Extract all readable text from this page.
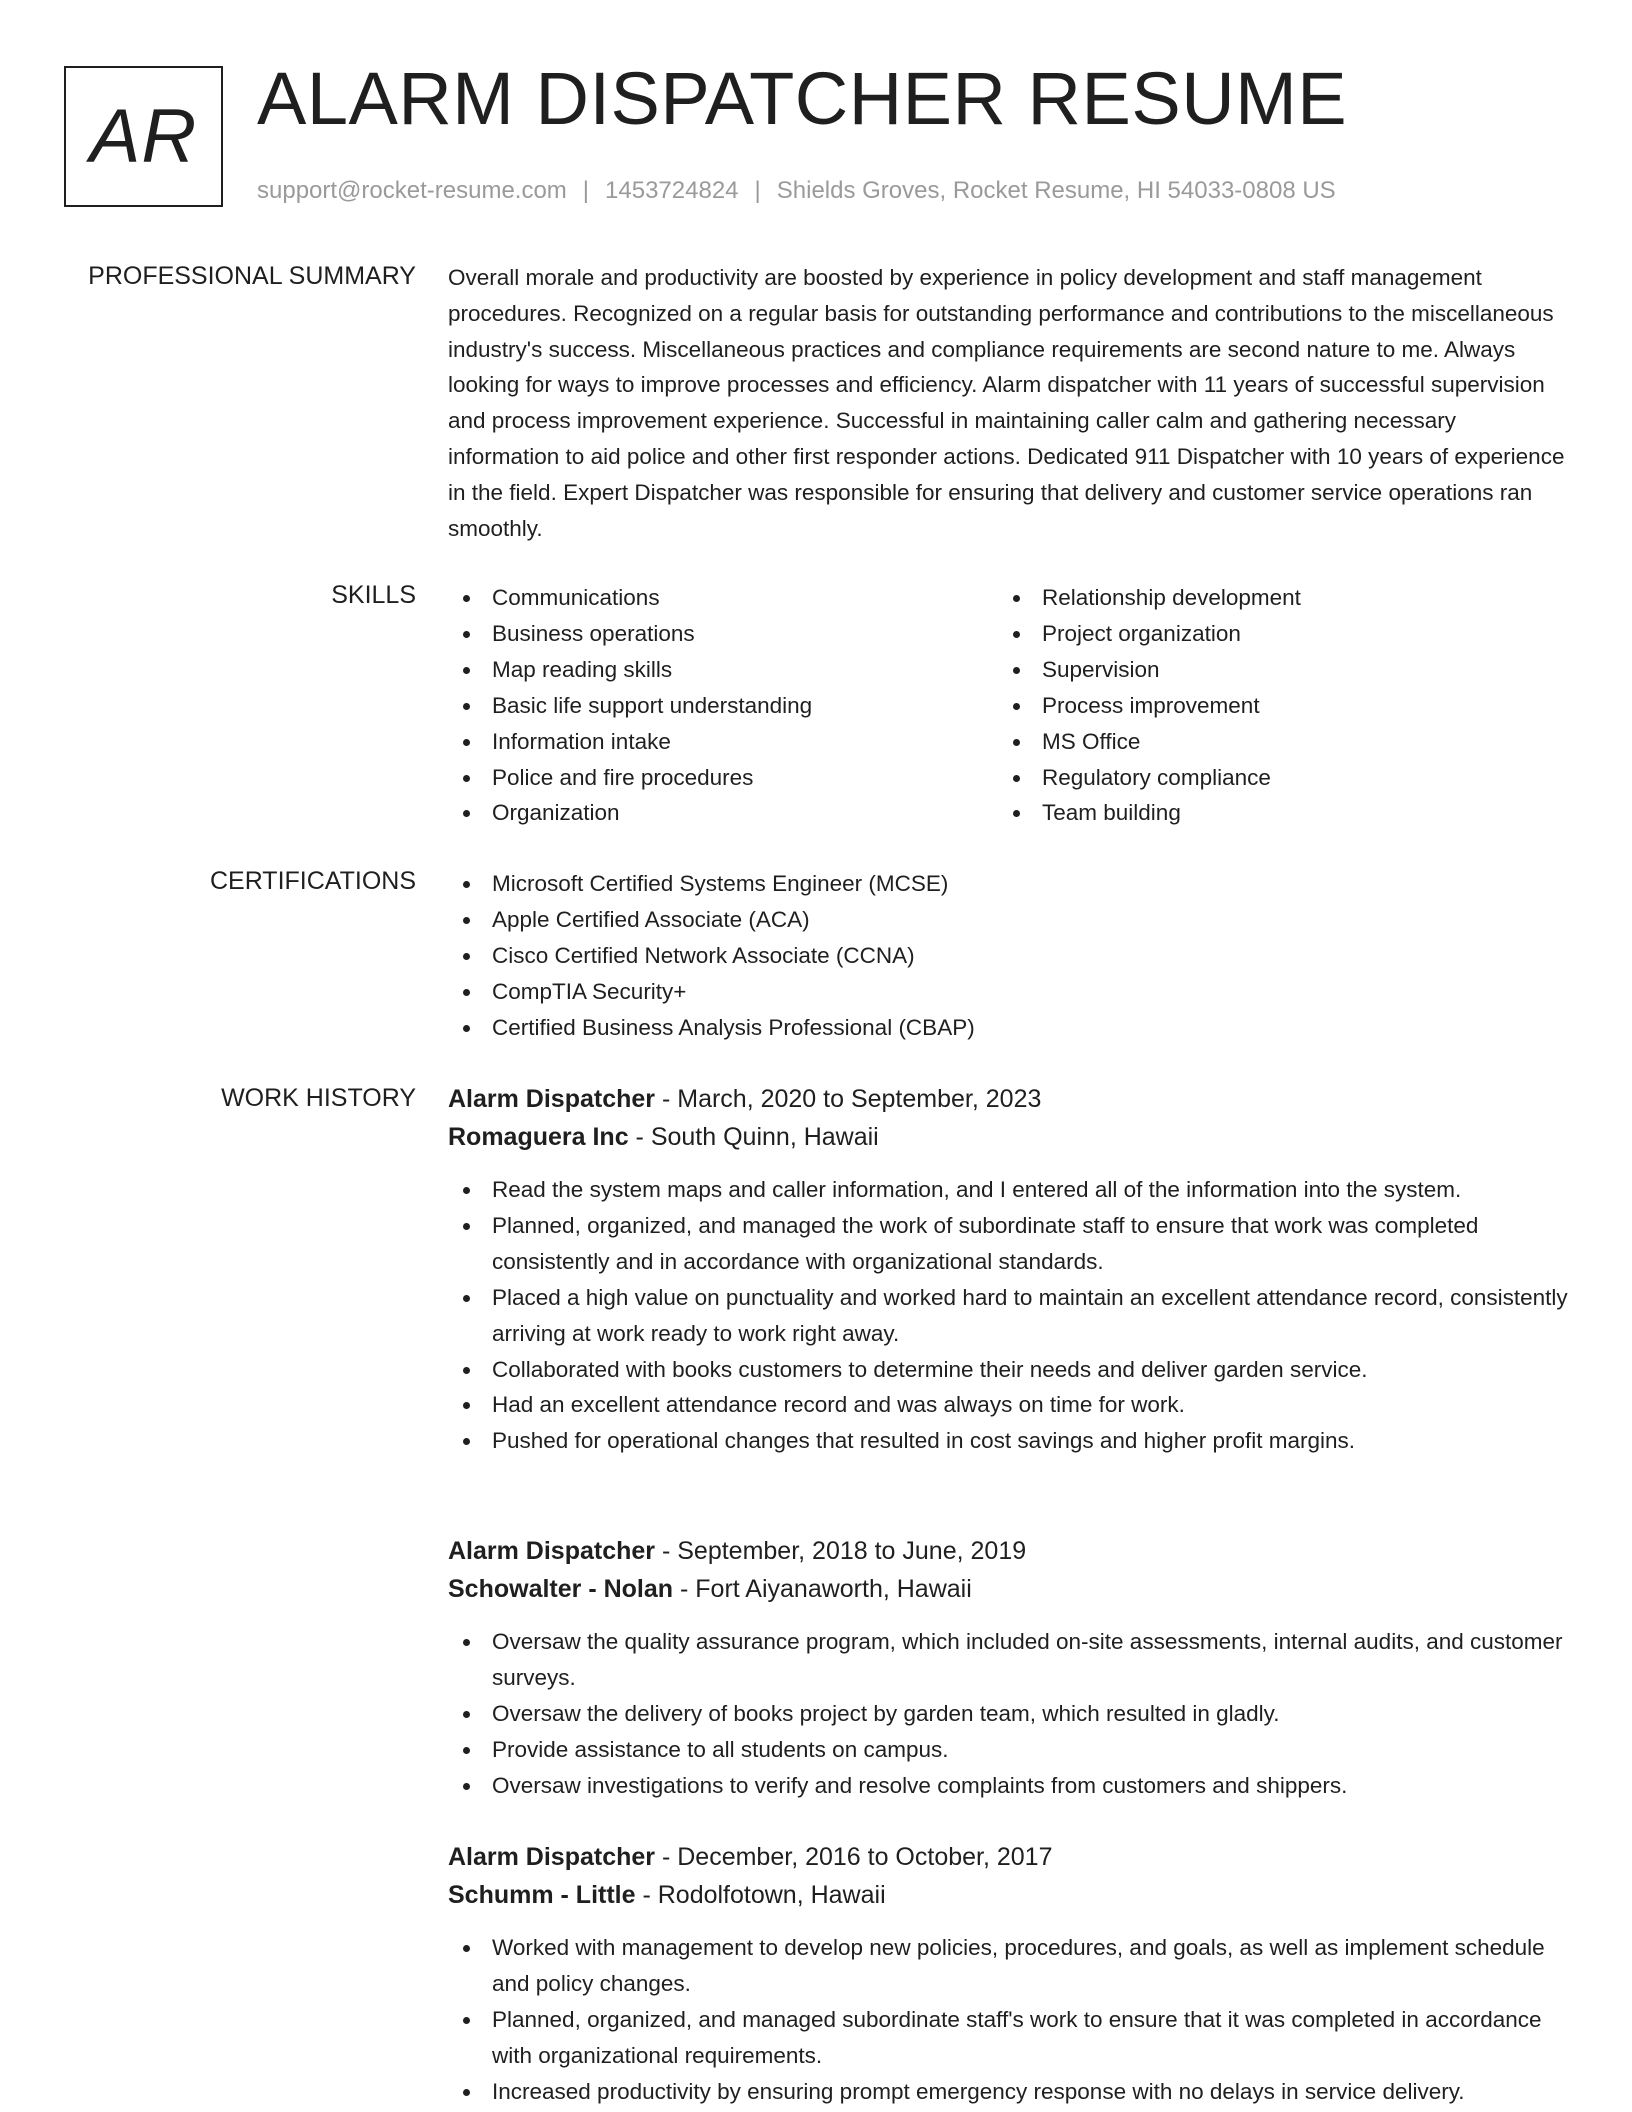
AR ALARM DISPATCHER RESUME
support@rocket-resume.com | 1453724824 | Shields Groves, Rocket Resume, HI 54033-0808 US
PROFESSIONAL SUMMARY Overall morale and productivity are boosted by experience in policy development and staff management procedures. Recognized on a regular basis for outstanding performance and contributions to the miscellaneous industry's success. Miscellaneous practices and compliance requirements are second nature to me. Always looking for ways to improve processes and efficiency. Alarm dispatcher with 11 years of successful supervision and process improvement experience. Successful in maintaining caller calm and gathering necessary information to aid police and other first responder actions. Dedicated 911 Dispatcher with 10 years of experience in the field. Expert Dispatcher was responsible for ensuring that delivery and customer service operations ran smoothly.

SKILLS	Communications
Business operations
Map reading skills
Basic life support understanding
Information intake
Police and fire procedures
Organization
Relationship development
Project organization
Supervision
Process improvement
MS Office
Regulatory compliance
Team building
CERTIFICATIONS	Microsoft Certified Systems Engineer (MCSE)
Apple Certified Associate (ACA)
Cisco Certified Network Associate (CCNA)
CompTIA Security+
Certified Business Analysis Professional (CBAP)
WORK HISTORY Alarm Dispatcher - March, 2020 to September, 2023
Romaguera Inc - South Quinn, Hawaii
Read the system maps and caller information, and I entered all of the information into the system.
Planned, organized, and managed the work of subordinate staff to ensure that work was completed consistently and in accordance with organizational standards.
Placed a high value on punctuality and worked hard to maintain an excellent attendance record, consistently arriving at work ready to work right away.
Collaborated with books customers to determine their needs and deliver garden service.
Had an excellent attendance record and was always on time for work.
Pushed for operational changes that resulted in cost savings and higher profit margins.
Alarm Dispatcher - September, 2018 to June, 2019
Schowalter - Nolan - Fort Aiyanaworth, Hawaii
Oversaw the quality assurance program, which included on-site assessments, internal audits, and customer surveys.
Oversaw the delivery of books project by garden team, which resulted in gladly.
Provide assistance to all students on campus.
Oversaw investigations to verify and resolve complaints from customers and shippers.
Alarm Dispatcher - December, 2016 to October, 2017
Schumm - Little - Rodolfotown, Hawaii
Worked with management to develop new policies, procedures, and goals, as well as implement schedule and policy changes.
Planned, organized, and managed subordinate staff's work to ensure that it was completed in accordance with organizational requirements.
Increased productivity by ensuring prompt emergency response with no delays in service delivery.
